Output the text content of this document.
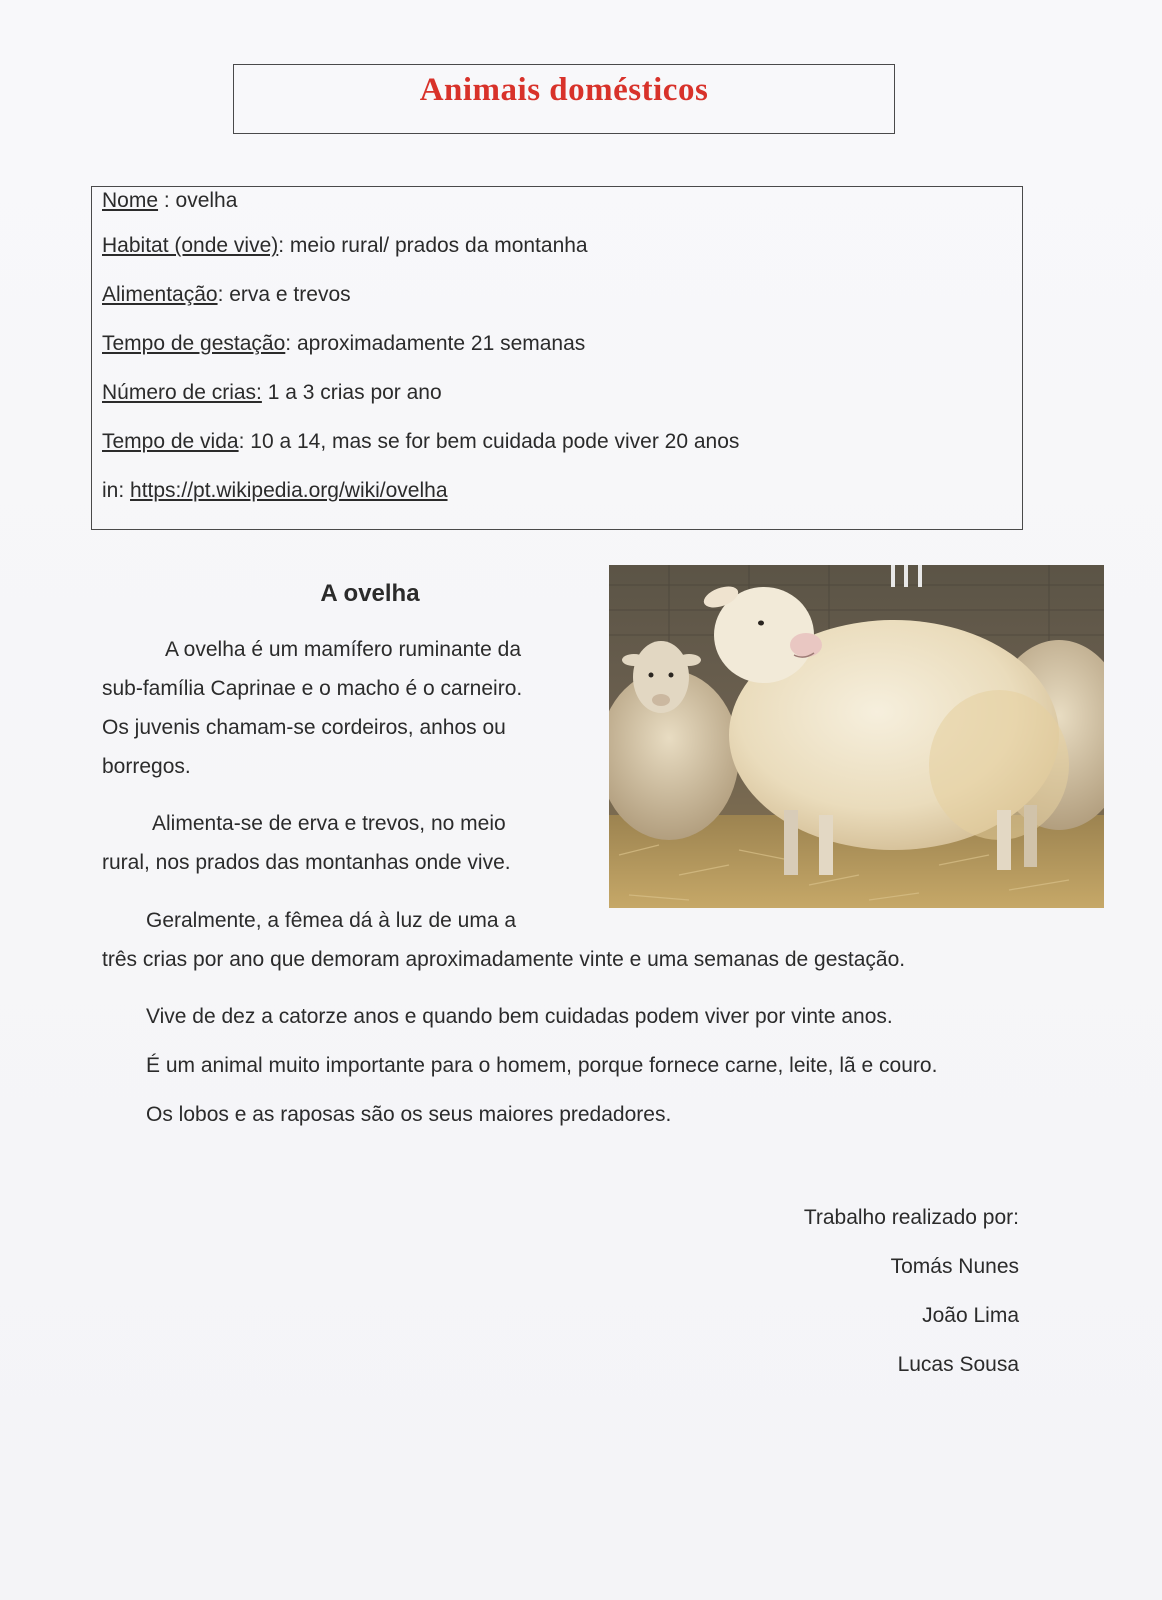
Animais domésticos
Nome : ovelha
Habitat (onde vive): meio rural/ prados da montanha
Alimentação: erva e trevos
Tempo de gestação: aproximadamente 21 semanas
Número de crias: 1 a 3 crias por ano
Tempo de vida: 10 a 14, mas se for bem cuidada pode viver 20 anos
in: https://pt.wikipedia.org/wiki/ovelha
A ovelha
A ovelha é um mamífero ruminante da
sub-família Caprinae e o macho é o carneiro.
Os juvenis chamam-se cordeiros, anhos ou
borregos.
Alimenta-se de erva e trevos, no meio
rural, nos prados das montanhas onde vive.
Geralmente, a fêmea dá à luz de uma a
três crias por ano que demoram aproximadamente vinte e uma semanas de gestação.
Vive de dez a catorze anos e quando bem cuidadas podem viver por vinte anos.
É um animal muito importante para o homem, porque fornece carne, leite, lã e couro.
Os lobos e as raposas são os seus maiores predadores.
Trabalho realizado por:
Tomás Nunes
João Lima
Lucas Sousa
